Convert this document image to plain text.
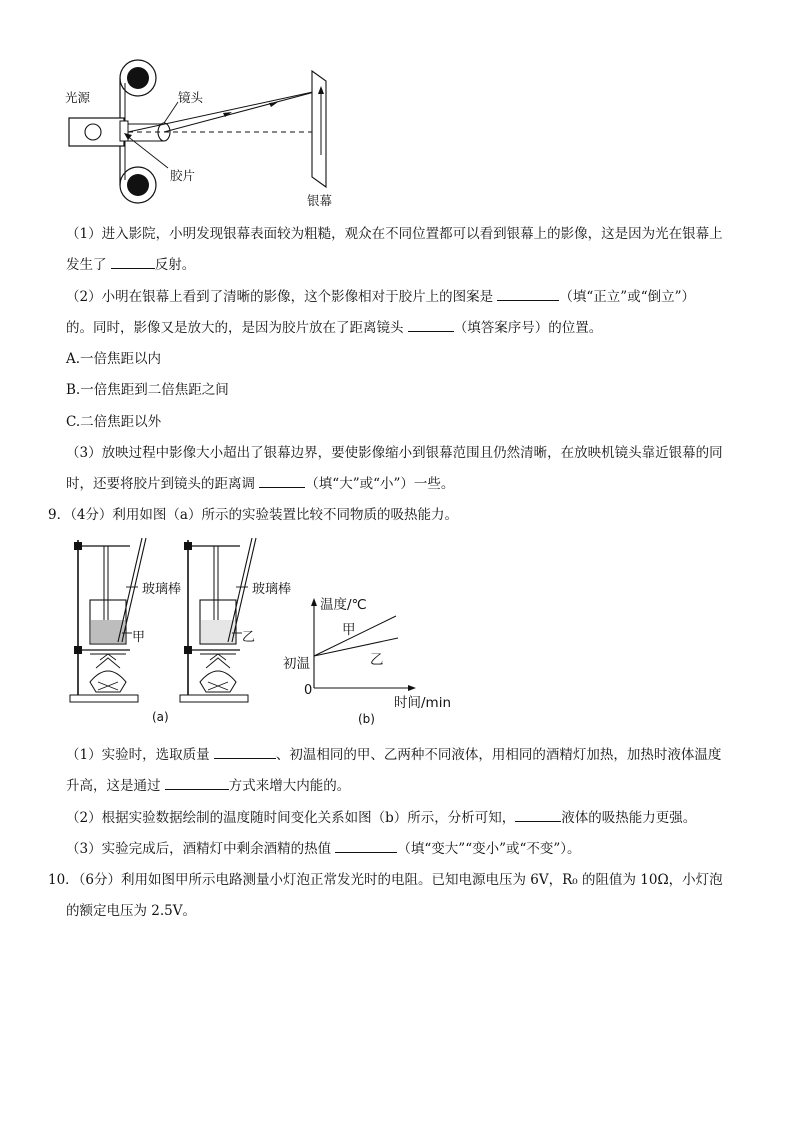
光源	镜头
胶片
银幕
（1）进入影院，小明发现银幕表面较为粗糙，观众在不同位置都可以看到银幕上的影像，这是因为光在银幕上
发生了	反射。
（2）小明在银幕上看到了清晰的影像，这个影像相对于胶片上的图案是	（填“正立”或“倒立”）
的。同时，影像又是放大的，是因为胶片放在了距离镜头	（填答案序号）的位置。
A.一倍焦距以内
B.一倍焦距到二倍焦距之间
C.二倍焦距以外
（3）放映过程中影像大小超出了银幕边界，要使影像缩小到银幕范围且仍然清晰，在放映机镜头靠近银幕的同
时，还要将胶片到镜头的距离调	（填“大”或“小”）一些。
9．（4分）利用如图（a）所示的实验装置比较不同物质的吸热能力。
玻璃棒	玻璃棒
甲	乙
(a)
温度/℃
甲
乙
初温
0
时间/min
(b)
（1）实验时，选取质量	、初温相同的甲、乙两种不同液体，用相同的酒精灯加热，加热时液体温度
升高，这是通过	方式来增大内能的。
（2）根据实验数据绘制的温度随时间变化关系如图（b）所示，分析可知，	液体的吸热能力更强。
（3）实验完成后，酒精灯中剩余酒精的热值	（填“变大”“变小”或“不变”）。
10．（6分）利用如图甲所示电路测量小灯泡正常发光时的电阻。已知电源电压为 6V，R₀ 的阻值为 10Ω，小灯泡
的额定电压为 2.5V。
